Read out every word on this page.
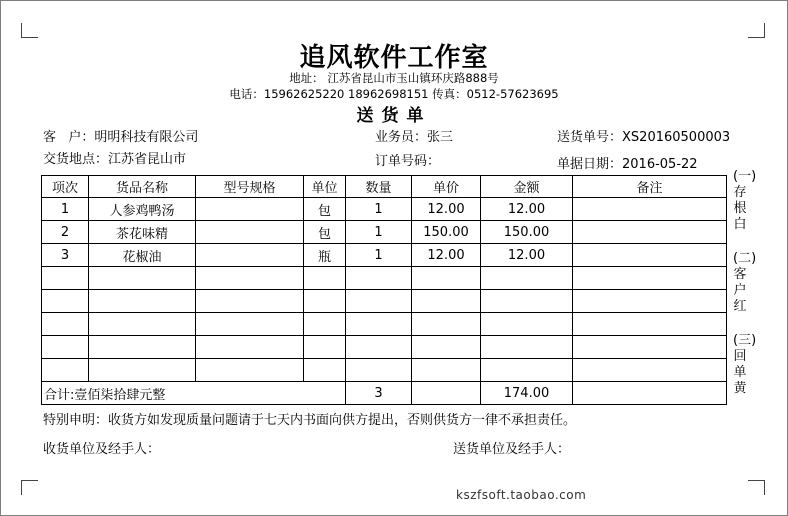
追风软件工作室
地址： 江苏省昆山市玉山镇环庆路888号
电话：15962625220 18962698151 传真：0512-57623695
送货单
客   户：明明科技有限公司	业务员：张三	送货单号：XS20160500003
交货地点：江苏省昆山市	订单号码：	单据日期：2016-05-22
项次	货品名称	型号规格	单位	数量	单价	金额	备注
1	人参鸡鸭汤		包	1	12.00	12.00	
2	茶花味精		包	1	150.00	150.00	
3	花椒油		瓶	1	12.00	12.00	

合计:壹佰柒拾肆元整				3		174.00	
(一)存根白
(二)客户红
(三)回单黄
特别申明：收货方如发现质量问题请于七天内书面向供方提出，否则供货方一律不承担责任。
收货单位及经手人：	送货单位及经手人：
kszfsoft.taobao.com
